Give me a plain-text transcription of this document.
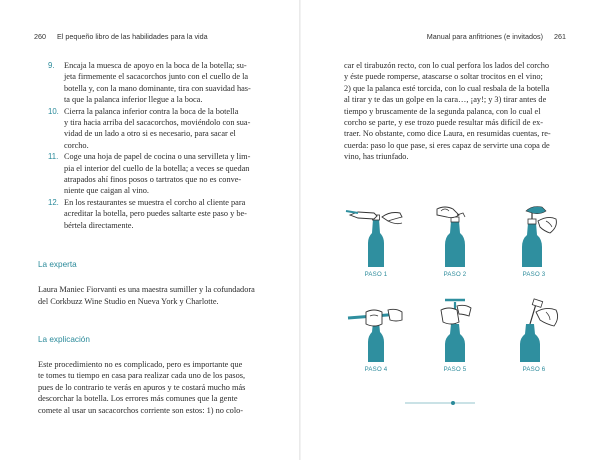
260 El pequeño libro de las habilidades para la vida	Manual para anfitriones (e invitados) 261
9. Encaja la muesca de apoyo en la boca de la botella; su-
jeta firmemente el sacacorchos junto con el cuello de la
botella y, con la mano dominante, tira con suavidad has-
ta que la palanca inferior llegue a la boca.
10. Cierra la palanca inferior contra la boca de la botella
y tira hacia arriba del sacacorchos, moviéndolo con sua-
vidad de un lado a otro si es necesario, para sacar el
corcho.
11. Coge una hoja de papel de cocina o una servilleta y lim-
pia el interior del cuello de la botella; a veces se quedan
atrapados ahí finos posos o tartratos que no es conve-
niente que caigan al vino.
12. En los restaurantes se muestra el corcho al cliente para
acreditar la botella, pero puedes saltarte este paso y be-
bértela directamente.
La experta
Laura Maniec Fiorvanti es una maestra sumiller y la cofundadora
del Corkbuzz Wine Studio en Nueva York y Charlotte.
La explicación
Este procedimiento no es complicado, pero es importante que
te tomes tu tiempo en casa para realizar cada uno de los pasos,
pues de lo contrario te verás en apuros y te costará mucho más
descorchar la botella. Los errores más comunes que la gente
comete al usar un sacacorchos corriente son estos: 1) no colo-
car el tirabuzón recto, con lo cual perfora los lados del corcho
y éste puede romperse, atascarse o soltar trocitos en el vino;
2) que la palanca esté torcida, con lo cual resbala de la botella
al tirar y te das un golpe en la cara…, ¡ay!; y 3) tirar antes de
tiempo y bruscamente de la segunda palanca, con lo cual el
corcho se parte, y ese trozo puede resultar más difícil de ex-
traer. No obstante, como dice Laura, en resumidas cuentas, re-
cuerda: paso lo que pase, si eres capaz de servirte una copa de
vino, has triunfado.
PASO 1	PASO 2	PASO 3
PASO 4	PASO 5	PASO 6
